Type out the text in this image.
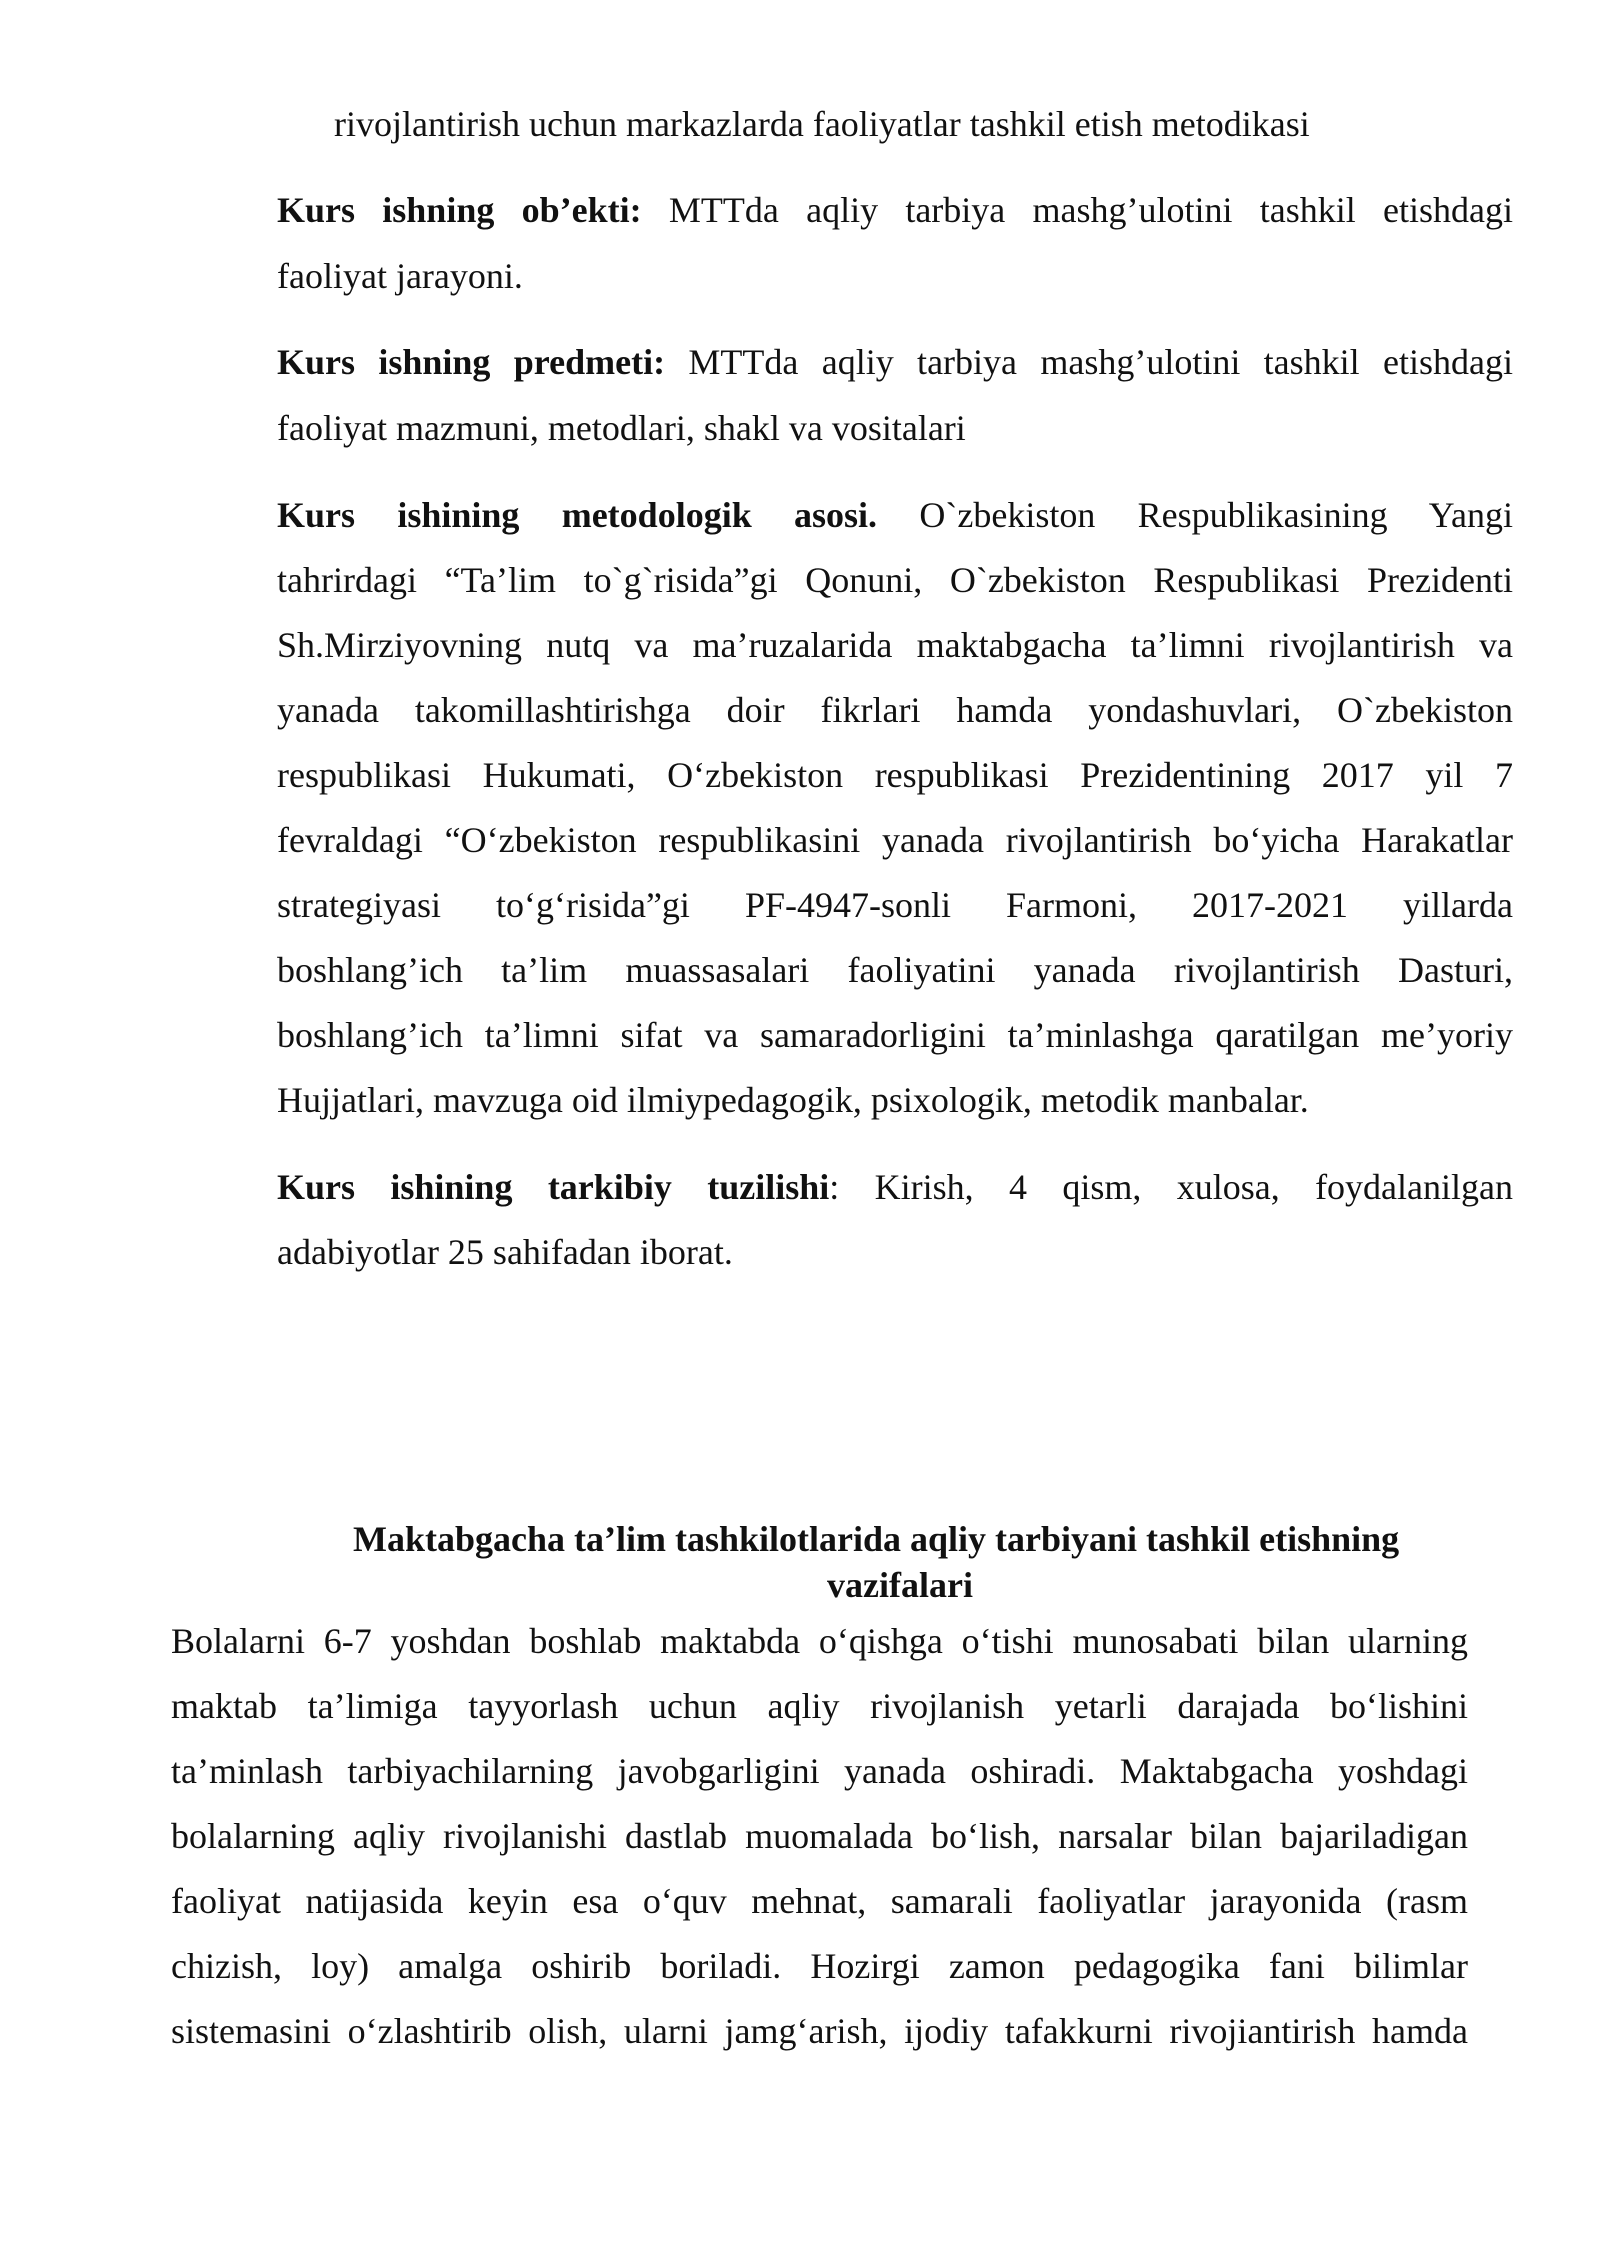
rivojlantirish uchun markazlarda faoliyatlar tashkil etish metodikasi
Kurs ishning ob’ekti: MTTda aqliy tarbiya mashg’ulotini tashkil etishdagi
faoliyat jarayoni.
Kurs ishning predmeti: MTTda aqliy tarbiya mashg’ulotini tashkil etishdagi
faoliyat mazmuni, metodlari, shakl va vositalari
Kurs ishining metodologik asosi. O`zbekiston Respublikasining Yangi
tahrirdagi “Ta’lim to`g`risida”gi Qonuni, O`zbekiston Respublikasi Prezidenti
Sh.Mirziyovning nutq va ma’ruzalarida maktabgacha ta’limni rivojlantirish va
yanada takomillashtirishga doir fikrlari hamda yondashuvlari, O`zbekiston
respublikasi Hukumati, O‘zbekiston respublikasi Prezidentining 2017 yil 7
fevraldagi “O‘zbekiston respublikasini yanada rivojlantirish bo‘yicha Harakatlar
strategiyasi to‘g‘risida”gi PF-4947-sonli Farmoni, 2017-2021 yillarda
boshlang’ich ta’lim muassasalari faoliyatini yanada rivojlantirish Dasturi,
boshlang’ich ta’limni sifat va samaradorligini ta’minlashga qaratilgan me’yoriy
Hujjatlari, mavzuga oid ilmiypedagogik, psixologik, metodik manbalar.
Kurs ishining tarkibiy tuzilishi: Kirish, 4 qism, xulosa, foydalanilgan
adabiyotlar 25 sahifadan iborat.
Maktabgacha ta’lim tashkilotlarida aqliy tarbiyani tashkil etishning
vazifalari
Bolalarni 6-7 yoshdan boshlab maktabda o‘qishga o‘tishi munosabati bilan ularning
maktab ta’limiga tayyorlash uchun aqliy rivojlanish yetarli darajada bo‘lishini
ta’minlash tarbiyachilarning javobgarligini yanada oshiradi. Maktabgacha yoshdagi
bolalarning aqliy rivojlanishi dastlab muomalada bo‘lish, narsalar bilan bajariladigan
faoliyat natijasida keyin esa o‘quv mehnat, samarali faoliyatlar jarayonida (rasm
chizish, loy) amalga oshirib boriladi. Hozirgi zamon pedagogika fani bilimlar
sistemasini o‘zlashtirib olish, ularni jamg‘arish, ijodiy tafakkurni rivojiantirish hamda
